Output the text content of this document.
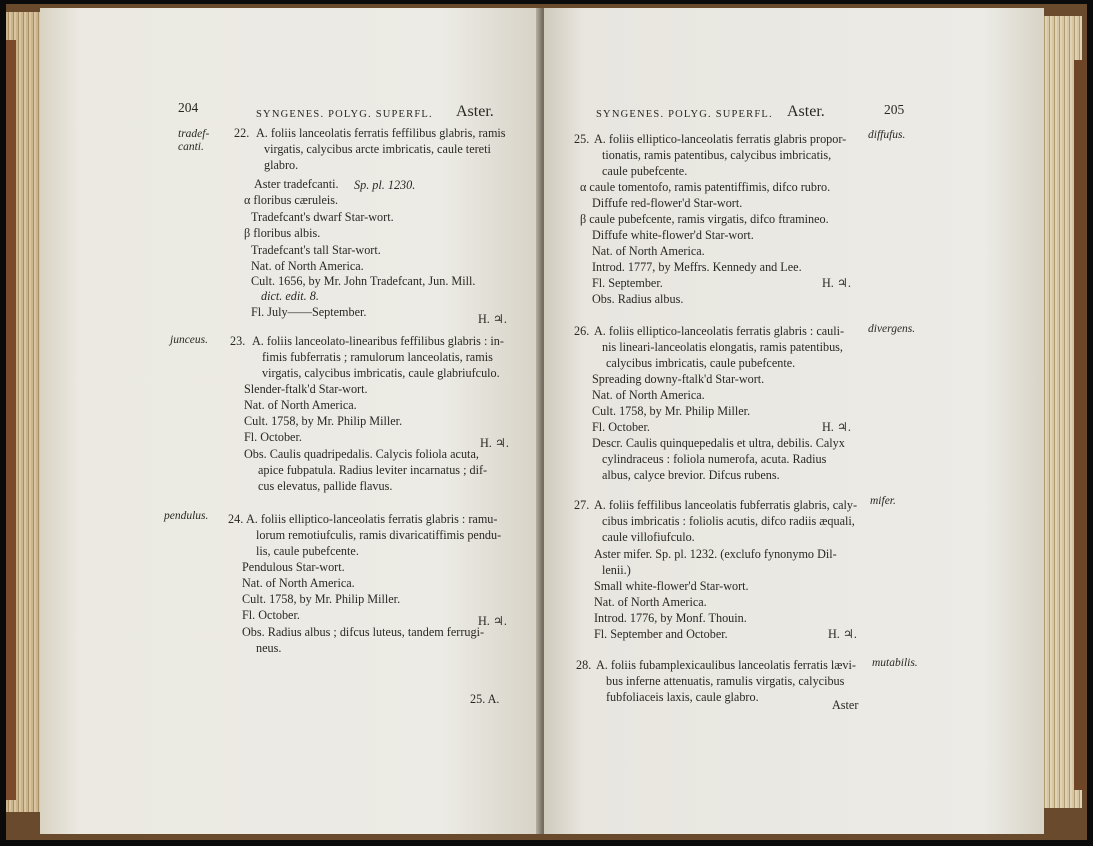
204	SYNGENES. POLYG. SUPERFL. Aster.
tradef-
canti.
22. A. foliis lanceolatis ferratis feffilibus glabris, ramis
virgatis, calycibus arcte imbricatis, caule tereti
glabro.
Aster tradefcanti. Sp. pl. 1230.
α floribus cæruleis.
Tradefcant's dwarf Star-wort.
β floribus albis.
Tradefcant's tall Star-wort.
Nat. of North America.
Cult. 1656, by Mr. John Tradefcant, Jun. Mill.
dict. edit. 8.
Fl. July——September.	H. ♃.
junceus. 23. A. foliis lanceolato-linearibus feffilibus glabris : in-
fimis fubferratis ; ramulorum lanceolatis, ramis
virgatis, calycibus imbricatis, caule glabriufculo.
Slender-ftalk'd Star-wort.
Nat. of North America.
Cult. 1758, by Mr. Philip Miller.
Fl. October.	H. ♃.
Obs. Caulis quadripedalis. Calycis foliola acuta,
apice fubpatula. Radius leviter incarnatus ; dif-
cus elevatus, pallide flavus.
pendulus. 24. A. foliis elliptico-lanceolatis ferratis glabris : ramu-
lorum remotiufculis, ramis divaricatiffimis pendu-
lis, caule pubefcente.
Pendulous Star-wort.
Nat. of North America.
Cult. 1758, by Mr. Philip Miller.
Fl. October.	H. ♃.
Obs. Radius albus ; difcus luteus, tandem ferrugi-
neus.
25. A.
SYNGENES. POLYG. SUPERFL. Aster.	205
diffufus.
25. A. foliis elliptico-lanceolatis ferratis glabris propor-
tionatis, ramis patentibus, calycibus imbricatis,
caule pubefcente.
α caule tomentofo, ramis patentiffimis, difco rubro.
Diffufe red-flower'd Star-wort.
β caule pubefcente, ramis virgatis, difco ftramineo.
Diffufe white-flower'd Star-wort.
Nat. of North America.
Introd. 1777, by Meffrs. Kennedy and Lee.
Fl. September.	H. ♃.
Obs. Radius albus.
divergens.
26. A. foliis elliptico-lanceolatis ferratis glabris : cauli-
nis lineari-lanceolatis elongatis, ramis patentibus,
calycibus imbricatis, caule pubefcente.
Spreading downy-ftalk'd Star-wort.
Nat. of North America.
Cult. 1758, by Mr. Philip Miller.
Fl. October.	H. ♃.
Descr. Caulis quinquepedalis et ultra, debilis. Calyx
cylindraceus : foliola numerofa, acuta. Radius
albus, calyce brevior. Difcus rubens.
mifer.
27. A. foliis feffilibus lanceolatis fubferratis glabris, caly-
cibus imbricatis : foliolis acutis, difco radiis æquali,
caule villofiufculo.
Aster mifer. Sp. pl. 1232. (exclufo fynonymo Dil-
lenii.)
Small white-flower'd Star-wort.
Nat. of North America.
Introd. 1776, by Monf. Thouin.
Fl. September and October.	H. ♃.
mutabilis.
28. A. foliis fubamplexicaulibus lanceolatis ferratis lævi-
bus inferne attenuatis, ramulis virgatis, calycibus
fubfoliaceis laxis, caule glabro.
Aster
